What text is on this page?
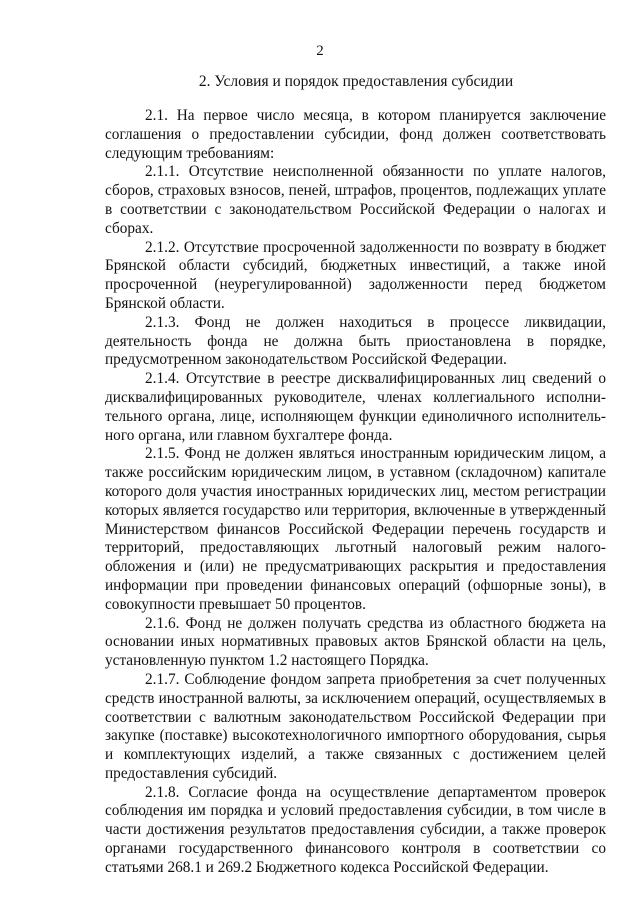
2
2. Условия и порядок предоставления субсидии

2.1. На первое число месяца, в котором планируется заключение соглашения о предоставлении субсидии, фонд должен соответствовать следующим требованиям:

2.1.1. Отсутствие неисполненной обязанности по уплате налогов, сборов, страховых взносов, пеней, штрафов, процентов, подлежащих уплате в соответствии с законодательством Российской Федерации о налогах и сборах.

2.1.2. Отсутствие просроченной задолженности по возврату в бюджет Брянской области субсидий, бюджетных инвестиций, а также иной просроченной (неурегулированной) задолженности перед бюджетом Брянской области.

2.1.3. Фонд не должен находиться в процессе ликвидации, деятельность фонда не должна быть приостановлена в порядке, предусмотренном законодательством Российской Федерации.

2.1.4. Отсутствие в реестре дисквалифицированных лиц сведений о дисквалифицированных руководителе, членах коллегиального исполнительного органа, лице, исполняющем функции единоличного исполнительного органа, или главном бухгалтере фонда.

2.1.5. Фонд не должен являться иностранным юридическим лицом, а также российским юридическим лицом, в уставном (складочном) капитале которого доля участия иностранных юридических лиц, местом регистрации которых является государство или территория, включенные в утвержденный Министерством финансов Российской Федерации перечень государств и территорий, предоставляющих льготный налоговый режим налогообложения и (или) не предусматривающих раскрытия и предоставления информации при проведении финансовых операций (офшорные зоны), в совокупности превышает 50 процентов.

2.1.6. Фонд не должен получать средства из областного бюджета на основании иных нормативных правовых актов Брянской области на цель, установленную пунктом 1.2 настоящего Порядка.

2.1.7. Соблюдение фондом запрета приобретения за счет полученных средств иностранной валюты, за исключением операций, осуществляемых в соответствии с валютным законодательством Российской Федерации при закупке (поставке) высокотехнологичного импортного оборудования, сырья и комплектующих изделий, а также связанных с достижением целей предоставления субсидий.

2.1.8. Согласие фонда на осуществление департаментом проверок соблюдения им порядка и условий предоставления субсидии, в том числе в части достижения результатов предоставления субсидии, а также проверок органами государственного финансового контроля в соответствии со статьями 268.1 и 269.2 Бюджетного кодекса Российской Федерации.
